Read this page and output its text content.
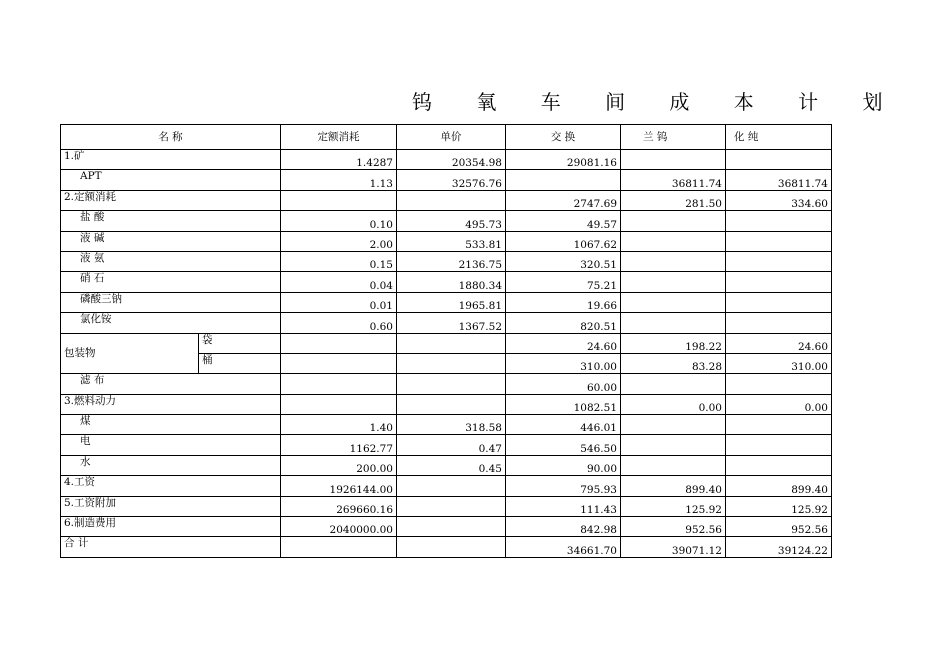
钨 氧 车 间 成 本 计 划
名 称		定额消耗	单价	交 换	兰 钨	化 纯
1.矿		1.4287	20354.98	29081.16		
APT		1.13	32576.76		36811.74	36811.74
2.定额消耗				2747.69	281.50	334.60
盐 酸		0.10	495.73	49.57		
液 碱		2.00	533.81	1067.62		
液 氨		0.15	2136.75	320.51		
硝 石		0.04	1880.34	75.21		
磷酸三钠		0.01	1965.81	19.66		
氯化铵		0.60	1367.52	820.51		
包装物	袋			24.60	198.22	24.60
	桶			310.00	83.28	310.00
滤 布				60.00		
3.燃料动力				1082.51	0.00	0.00
煤		1.40	318.58	446.01		
电		1162.77	0.47	546.50		
水		200.00	0.45	90.00		
4.工资		1926144.00		795.93	899.40	899.40
5.工资附加		269660.16		111.43	125.92	125.92
6.制造费用		2040000.00		842.98	952.56	952.56
合 计				34661.70	39071.12	39124.22
